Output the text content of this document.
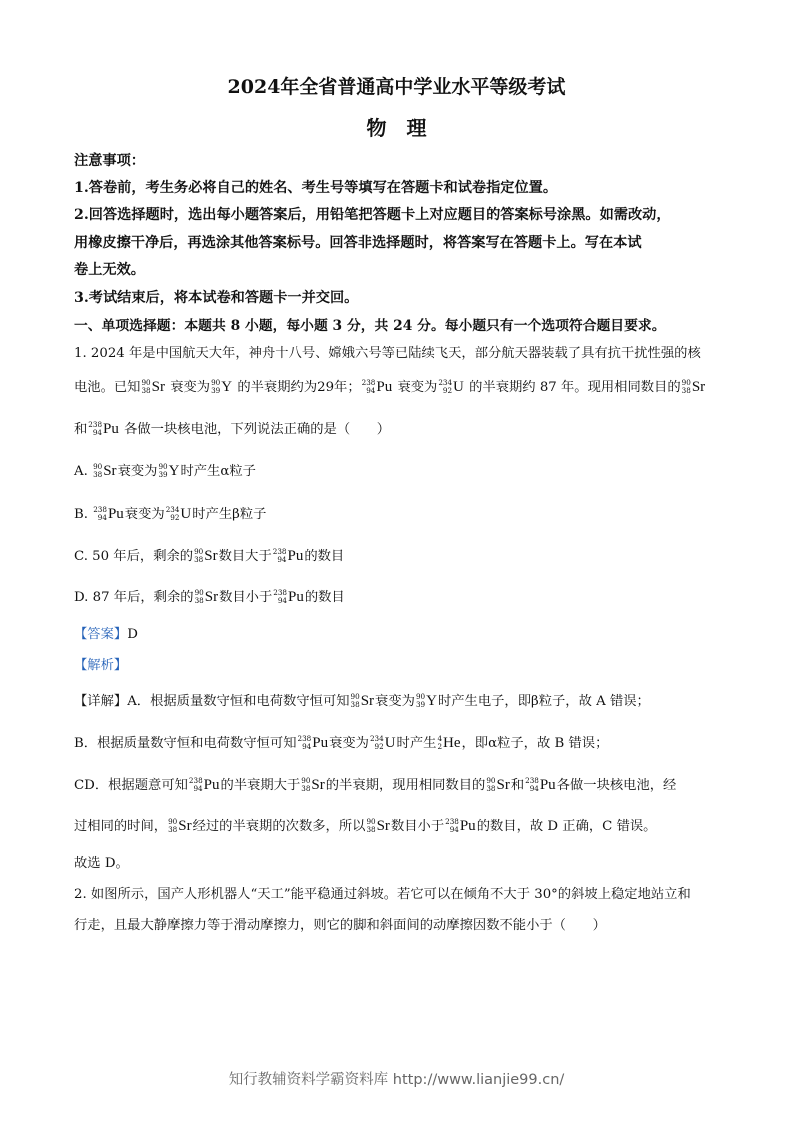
2024年全省普通高中学业水平等级考试
物　理
注意事项：
1.答卷前，考生务必将自己的姓名、考生号等填写在答题卡和试卷指定位置。
2.回答选择题时，选出每小题答案后，用铅笔把答题卡上对应题目的答案标号涂黑。如需改动，
用橡皮擦干净后，再选涂其他答案标号。回答非选择题时，将答案写在答题卡上。写在本试
卷上无效。
3.考试结束后，将本试卷和答题卡一并交回。
一、单项选择题：本题共 8 小题，每小题 3 分，共 24 分。每小题只有一个选项符合题目要求。
1. 2024 年是中国航天大年，神舟十八号、嫦娥六号等已陆续飞天，部分航天器装载了具有抗干扰性强的核
电池。已知 90
38 Sr 衰变为 90
39 Y 的半衰期约为29年； 238
94 Pu 衰变为 234
92 U 的半衰期约 87 年。现用相同数目的 90
38 Sr
和 238
94 Pu 各做一块核电池，下列说法正确的是（　　）
A. 90
38 Sr衰变为 90
39 Y时产生α粒子
B. 238
94 Pu衰变为 234
92 U时产生β粒子
C. 50 年后，剩余的 90
38 Sr数目大于 238
94 Pu的数目
D. 87 年后，剩余的 90
38 Sr数目小于 238
94 Pu的数目
【答案】D
【解析】
【详解】A．根据质量数守恒和电荷数守恒可知 90
38 Sr衰变为 90
39 Y时产生电子，即β粒子，故 A 错误；
B．根据质量数守恒和电荷数守恒可知 238
94 Pu衰变为 234
92 U时产生 4
2 He，即α粒子，故 B 错误；
CD．根据题意可知 238
94 Pu的半衰期大于 90
38 Sr的半衰期，现用相同数目的 90
38 Sr和 238
94 Pu各做一块核电池，经
过相同的时间， 90
38 Sr经过的半衰期的次数多，所以 90
38 Sr数目小于 238
94 Pu的数目，故 D 正确，C 错误。
故选 D。
2. 如图所示，国产人形机器人“天工”能平稳通过斜坡。若它可以在倾角不大于 30°的斜坡上稳定地站立和
行走，且最大静摩擦力等于滑动摩擦力，则它的脚和斜面间的动摩擦因数不能小于（　　）
知行教辅资料学霸资料库 http://www.lianjie99.cn/
